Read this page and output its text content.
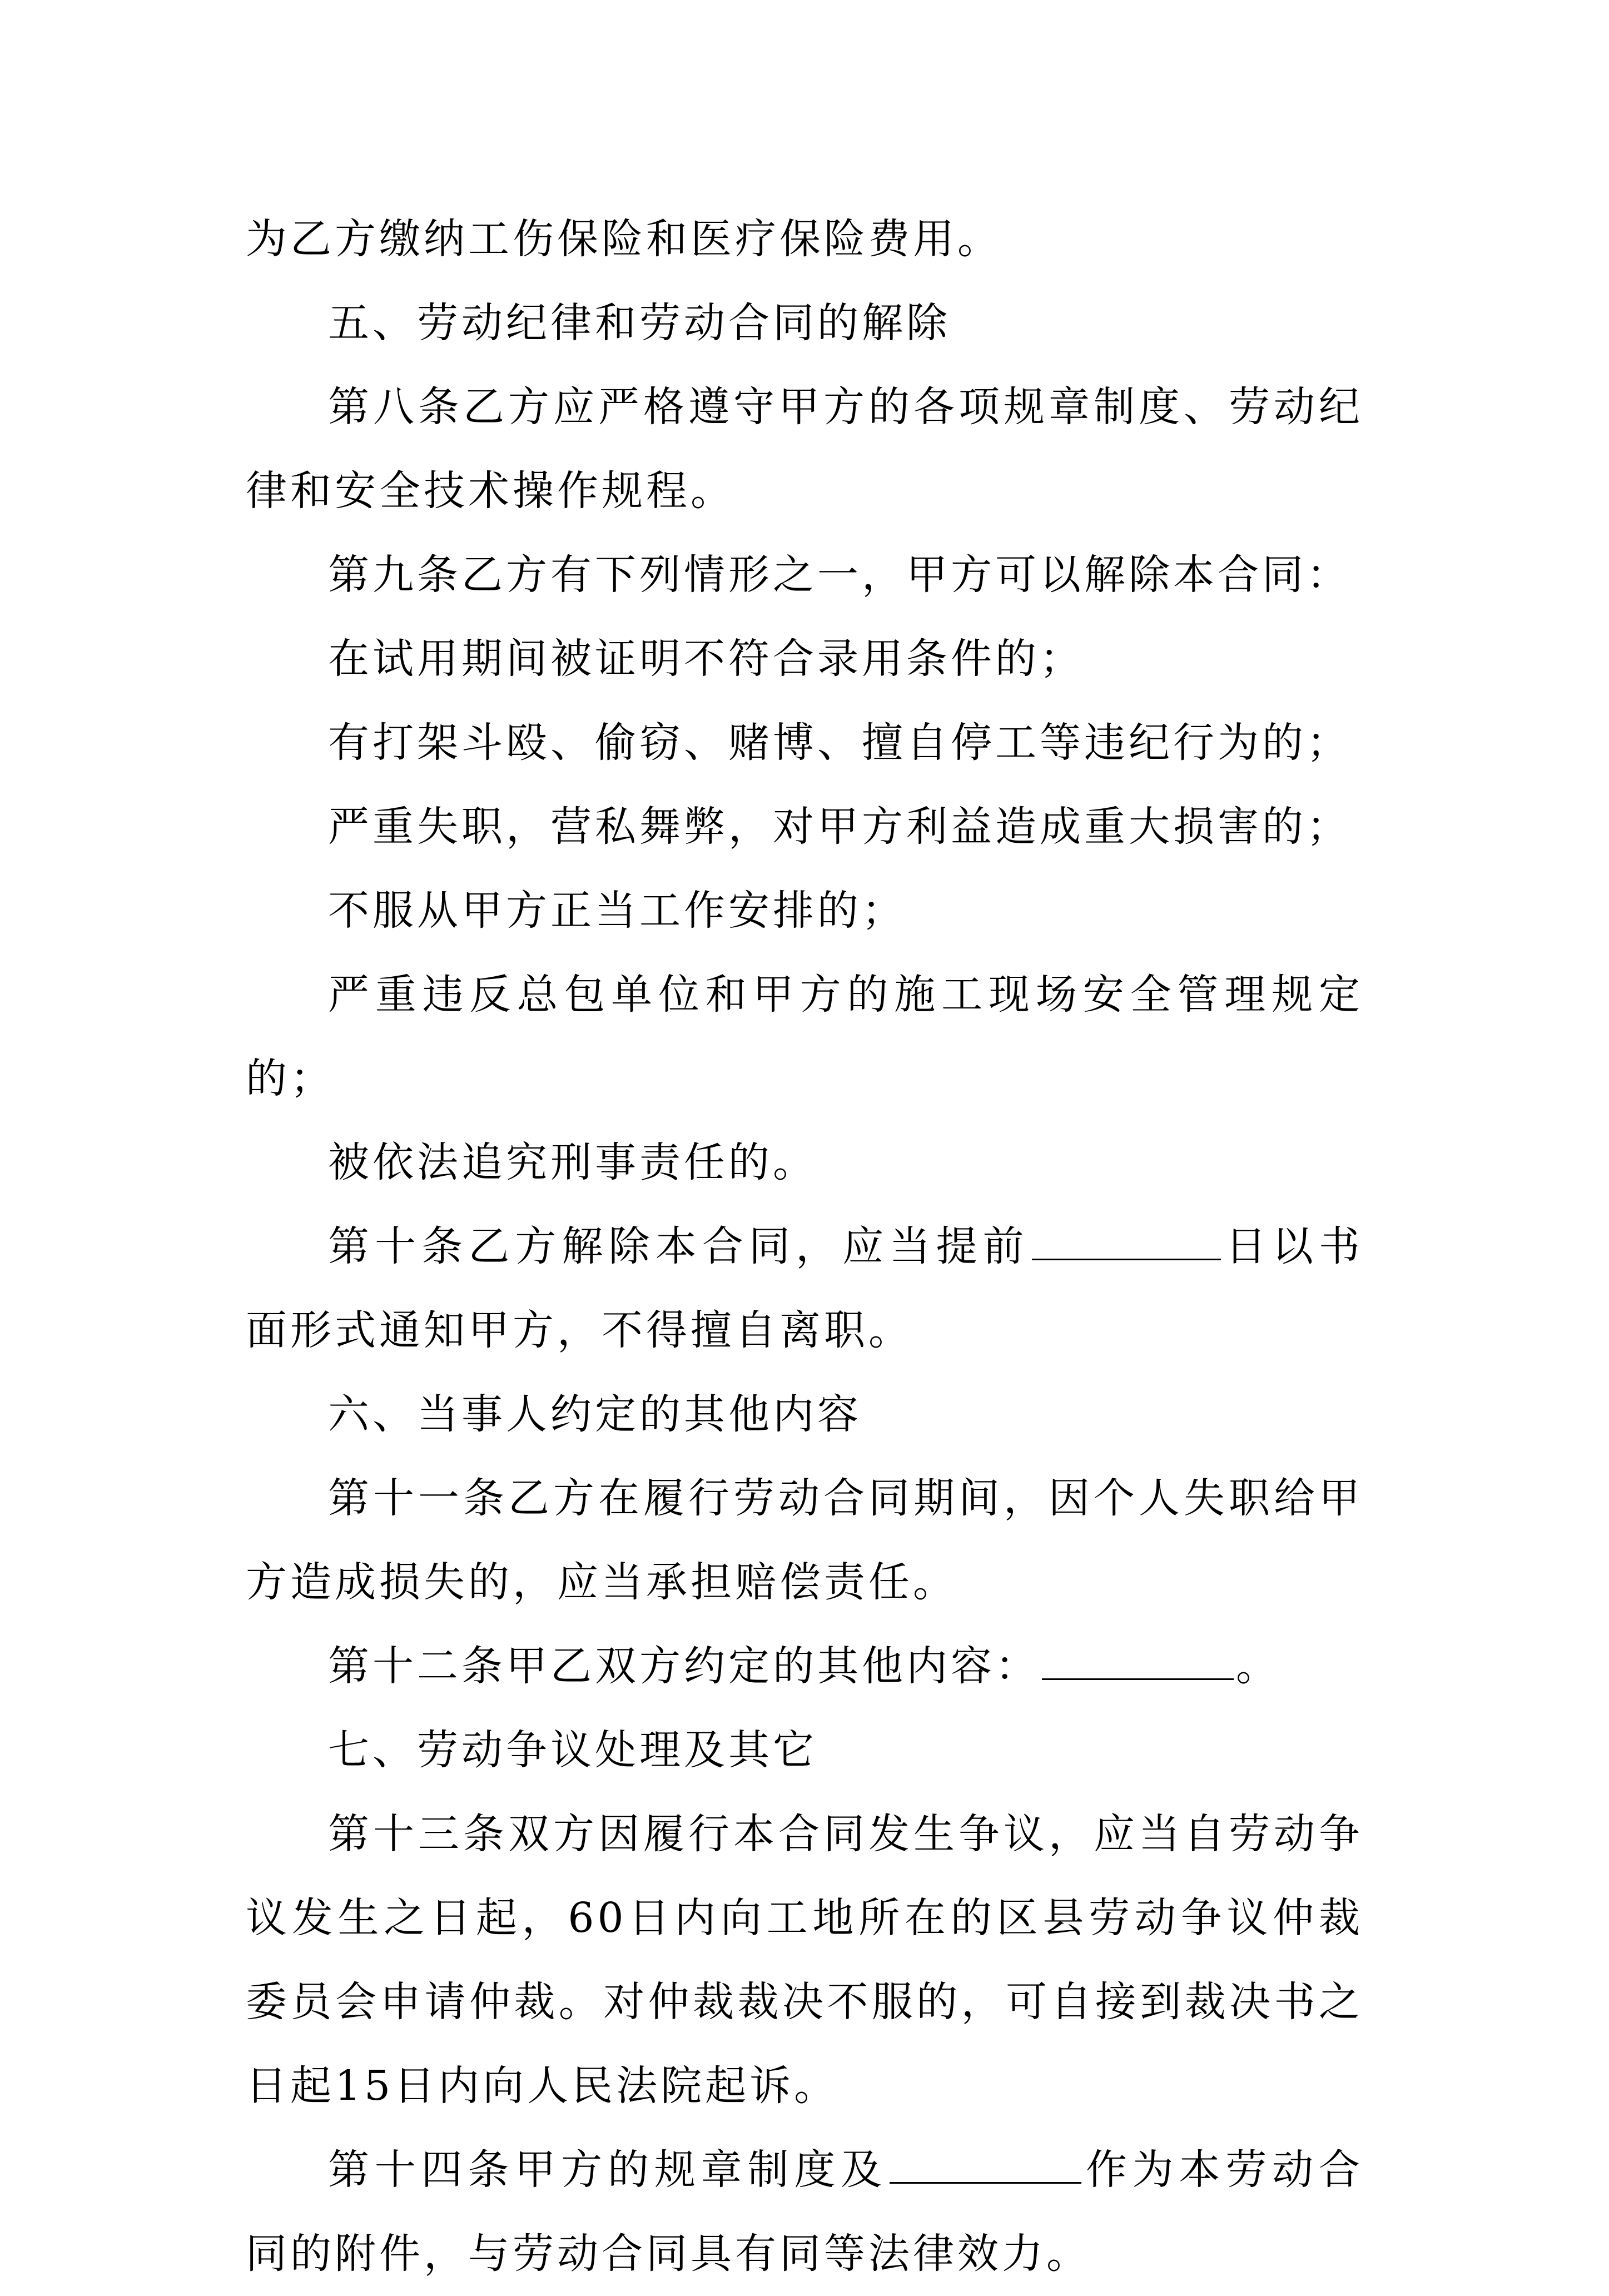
为乙方缴纳工伤保险和医疗保险费用。

五、劳动纪律和劳动合同的解除

第八条乙方应严格遵守甲方的各项规章制度、劳动纪律和安全技术操作规程。

第九条乙方有下列情形之一，甲方可以解除本合同：

在试用期间被证明不符合录用条件的；

有打架斗殴、偷窃、赌博、擅自停工等违纪行为的；

严重失职，营私舞弊，对甲方利益造成重大损害的；

不服从甲方正当工作安排的；

严重违反总包单位和甲方的施工现场安全管理规定的；

被依法追究刑事责任的。

第十条乙方解除本合同，应当提前	日以书面形式通知甲方，不得擅自离职。

六、当事人约定的其他内容

第十一条乙方在履行劳动合同期间，因个人失职给甲方造成损失的，应当承担赔偿责任。

第十二条甲乙双方约定的其他内容：	。

七、劳动争议处理及其它

第十三条双方因履行本合同发生争议，应当自劳动争议发生之日起，60日内向工地所在的区县劳动争议仲裁委员会申请仲裁。对仲裁裁决不服的，可自接到裁决书之日起15日内向人民法院起诉。

第十四条甲方的规章制度及	作为本劳动合同的附件，与劳动合同具有同等法律效力。
